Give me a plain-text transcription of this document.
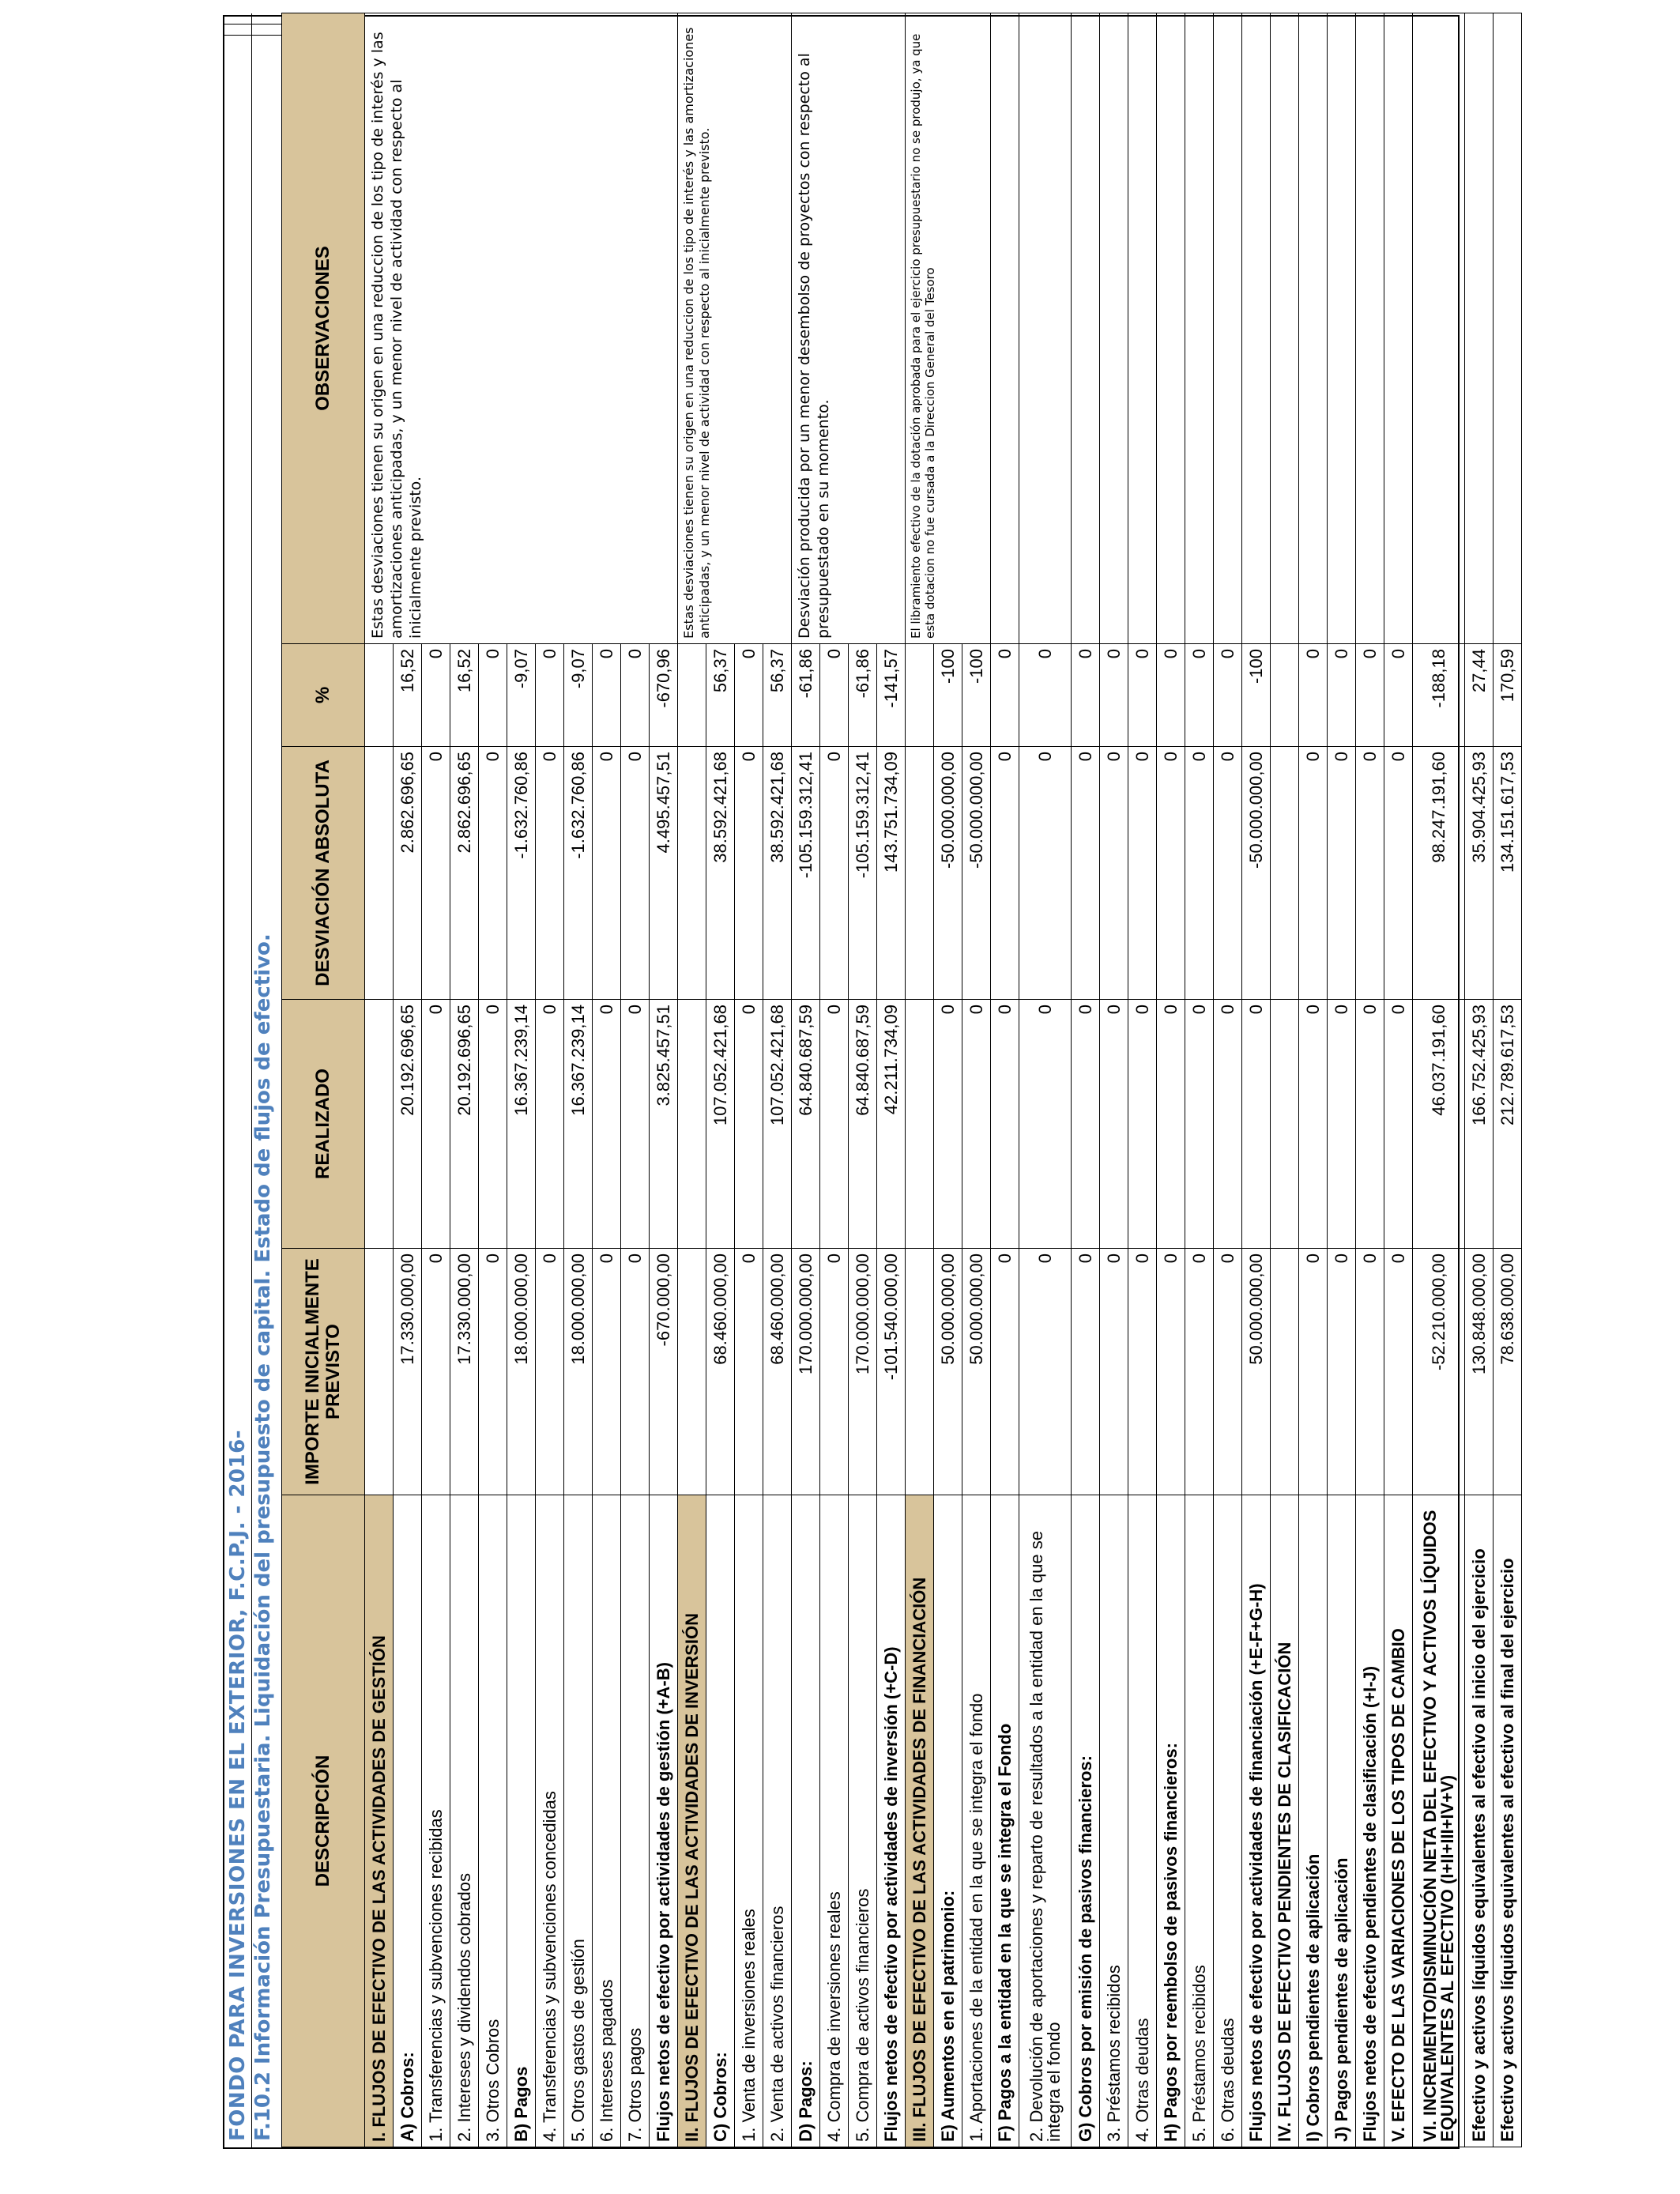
FONDO PARA INVERSIONES EN EL EXTERIOR, F.C.P.J. - 2016- F.10.2 Información Presupuestaria. Liquidación del presupuesto de capital. Estado de flujos de efectivo. DESCRIPCIÓN	IMPORTE INICIALMENTE PREVISTO	REALIZADO	DESVIACIÓN ABSOLUTA	%	OBSERVACIONES
I. FLUJOS DE EFECTIVO DE LAS ACTIVIDADES DE GESTIÓN					Estas desviaciones tienen su origen en una reduccion de los tipo de interés y las amortizaciones anticipadas, y un menor nivel de actividad con respecto al inicialmente previsto.
A) Cobros:	17.330.000,00	20.192.696,65	2.862.696,65	16,52	
1. Transferencias y subvenciones recibidas	0	0	0	0	
2. Intereses y dividendos cobrados	17.330.000,00	20.192.696,65	2.862.696,65	16,52	
3. Otros Cobros	0	0	0	0	
B) Pagos	18.000.000,00	16.367.239,14	-1.632.760,86	-9,07	
4. Transferencias y subvenciones concedidas	0	0	0	0	
5. Otros gastos de gestión	18.000.000,00	16.367.239,14	-1.632.760,86	-9,07	
6. Intereses pagados	0	0	0	0	
7. Otros pagos	0	0	0	0	
Flujos netos de efectivo por actividades de gestión (+A-B)	-670.000,00	3.825.457,51	4.495.457,51	-670,96	
II. FLUJOS DE EFECTIVO DE LAS ACTIVIDADES DE INVERSIÓN					Estas desviaciones tienen su origen en una reduccion de los tipo de interés y las amortizaciones anticipadas, y un menor nivel de actividad con respecto al inicialmente previsto.
C) Cobros:	68.460.000,00	107.052.421,68	38.592.421,68	56,37	
1. Venta de inversiones reales	0	0	0	0	
2. Venta de activos financieros	68.460.000,00	107.052.421,68	38.592.421,68	56,37	
D) Pagos:	170.000.000,00	64.840.687,59	-105.159.312,41	-61,86	Desviación producida por un menor desembolso de proyectos con respecto al presupuestado en su momento.
4. Compra de inversiones reales	0	0	0	0	
5. Compra de activos financieros	170.000.000,00	64.840.687,59	-105.159.312,41	-61,86	
Flujos netos de efectivo por actividades de inversión (+C-D)	-101.540.000,00	42.211.734,09	143.751.734,09	-141,57	
III. FLUJOS DE EFECTIVO DE LAS ACTIVIDADES DE FINANCIACIÓN					El libramiento efectivo de la dotación aprobada para el ejercicio presupuestario no se produjo, ya que esta dotacion no fue cursada a la Direccion General del Tesoro
E) Aumentos en el patrimonio:	50.000.000,00	0	-50.000.000,00	-100	
1. Aportaciones de la entidad en la que se integra el fondo	50.000.000,00	0	-50.000.000,00	-100	
F) Pagos a la entidad en la que se integra el Fondo	0	0	0	0	
2. Devolución de aportaciones y reparto de resultados a la entidad en la que se integra el fondo	0	0	0	0	
G) Cobros por emisión de pasivos financieros:	0	0	0	0	
3. Préstamos recibidos	0	0	0	0	
4. Otras deudas	0	0	0	0	
H) Pagos por reembolso de pasivos financieros:	0	0	0	0	
5. Préstamos recibidos	0	0	0	0	
6. Otras deudas	0	0	0	0	
Flujos netos de efectivo por actividades de financiación (+E-F+G-H)	50.000.000,00	0	-50.000.000,00	-100	
IV. FLUJOS DE EFECTIVO PENDIENTES DE CLASIFICACIÓN					
I) Cobros pendientes de aplicación	0	0	0	0	
J) Pagos pendientes de aplicación	0	0	0	0	
Flujos netos de efectivo pendientes de clasificación (+I-J)	0	0	0	0	
V. EFECTO DE LAS VARIACIONES DE LOS TIPOS DE CAMBIO	0	0	0	0	
VI. INCREMENTO/DISMINUCIÓN NETA DEL EFECTIVO Y ACTIVOS LÍQUIDOS EQUIVALENTES AL EFECTIVO (I+II+III+IV+V)	-52.210.000,00	46.037.191,60	98.247.191,60	-188,18	
Efectivo y activos líquidos equivalentes al efectivo al inicio del ejercicio	130.848.000,00	166.752.425,93	35.904.425,93	27,44	
Efectivo y activos líquidos equivalentes al efectivo al final del ejercicio	78.638.000,00	212.789.617,53	134.151.617,53	170,59	
